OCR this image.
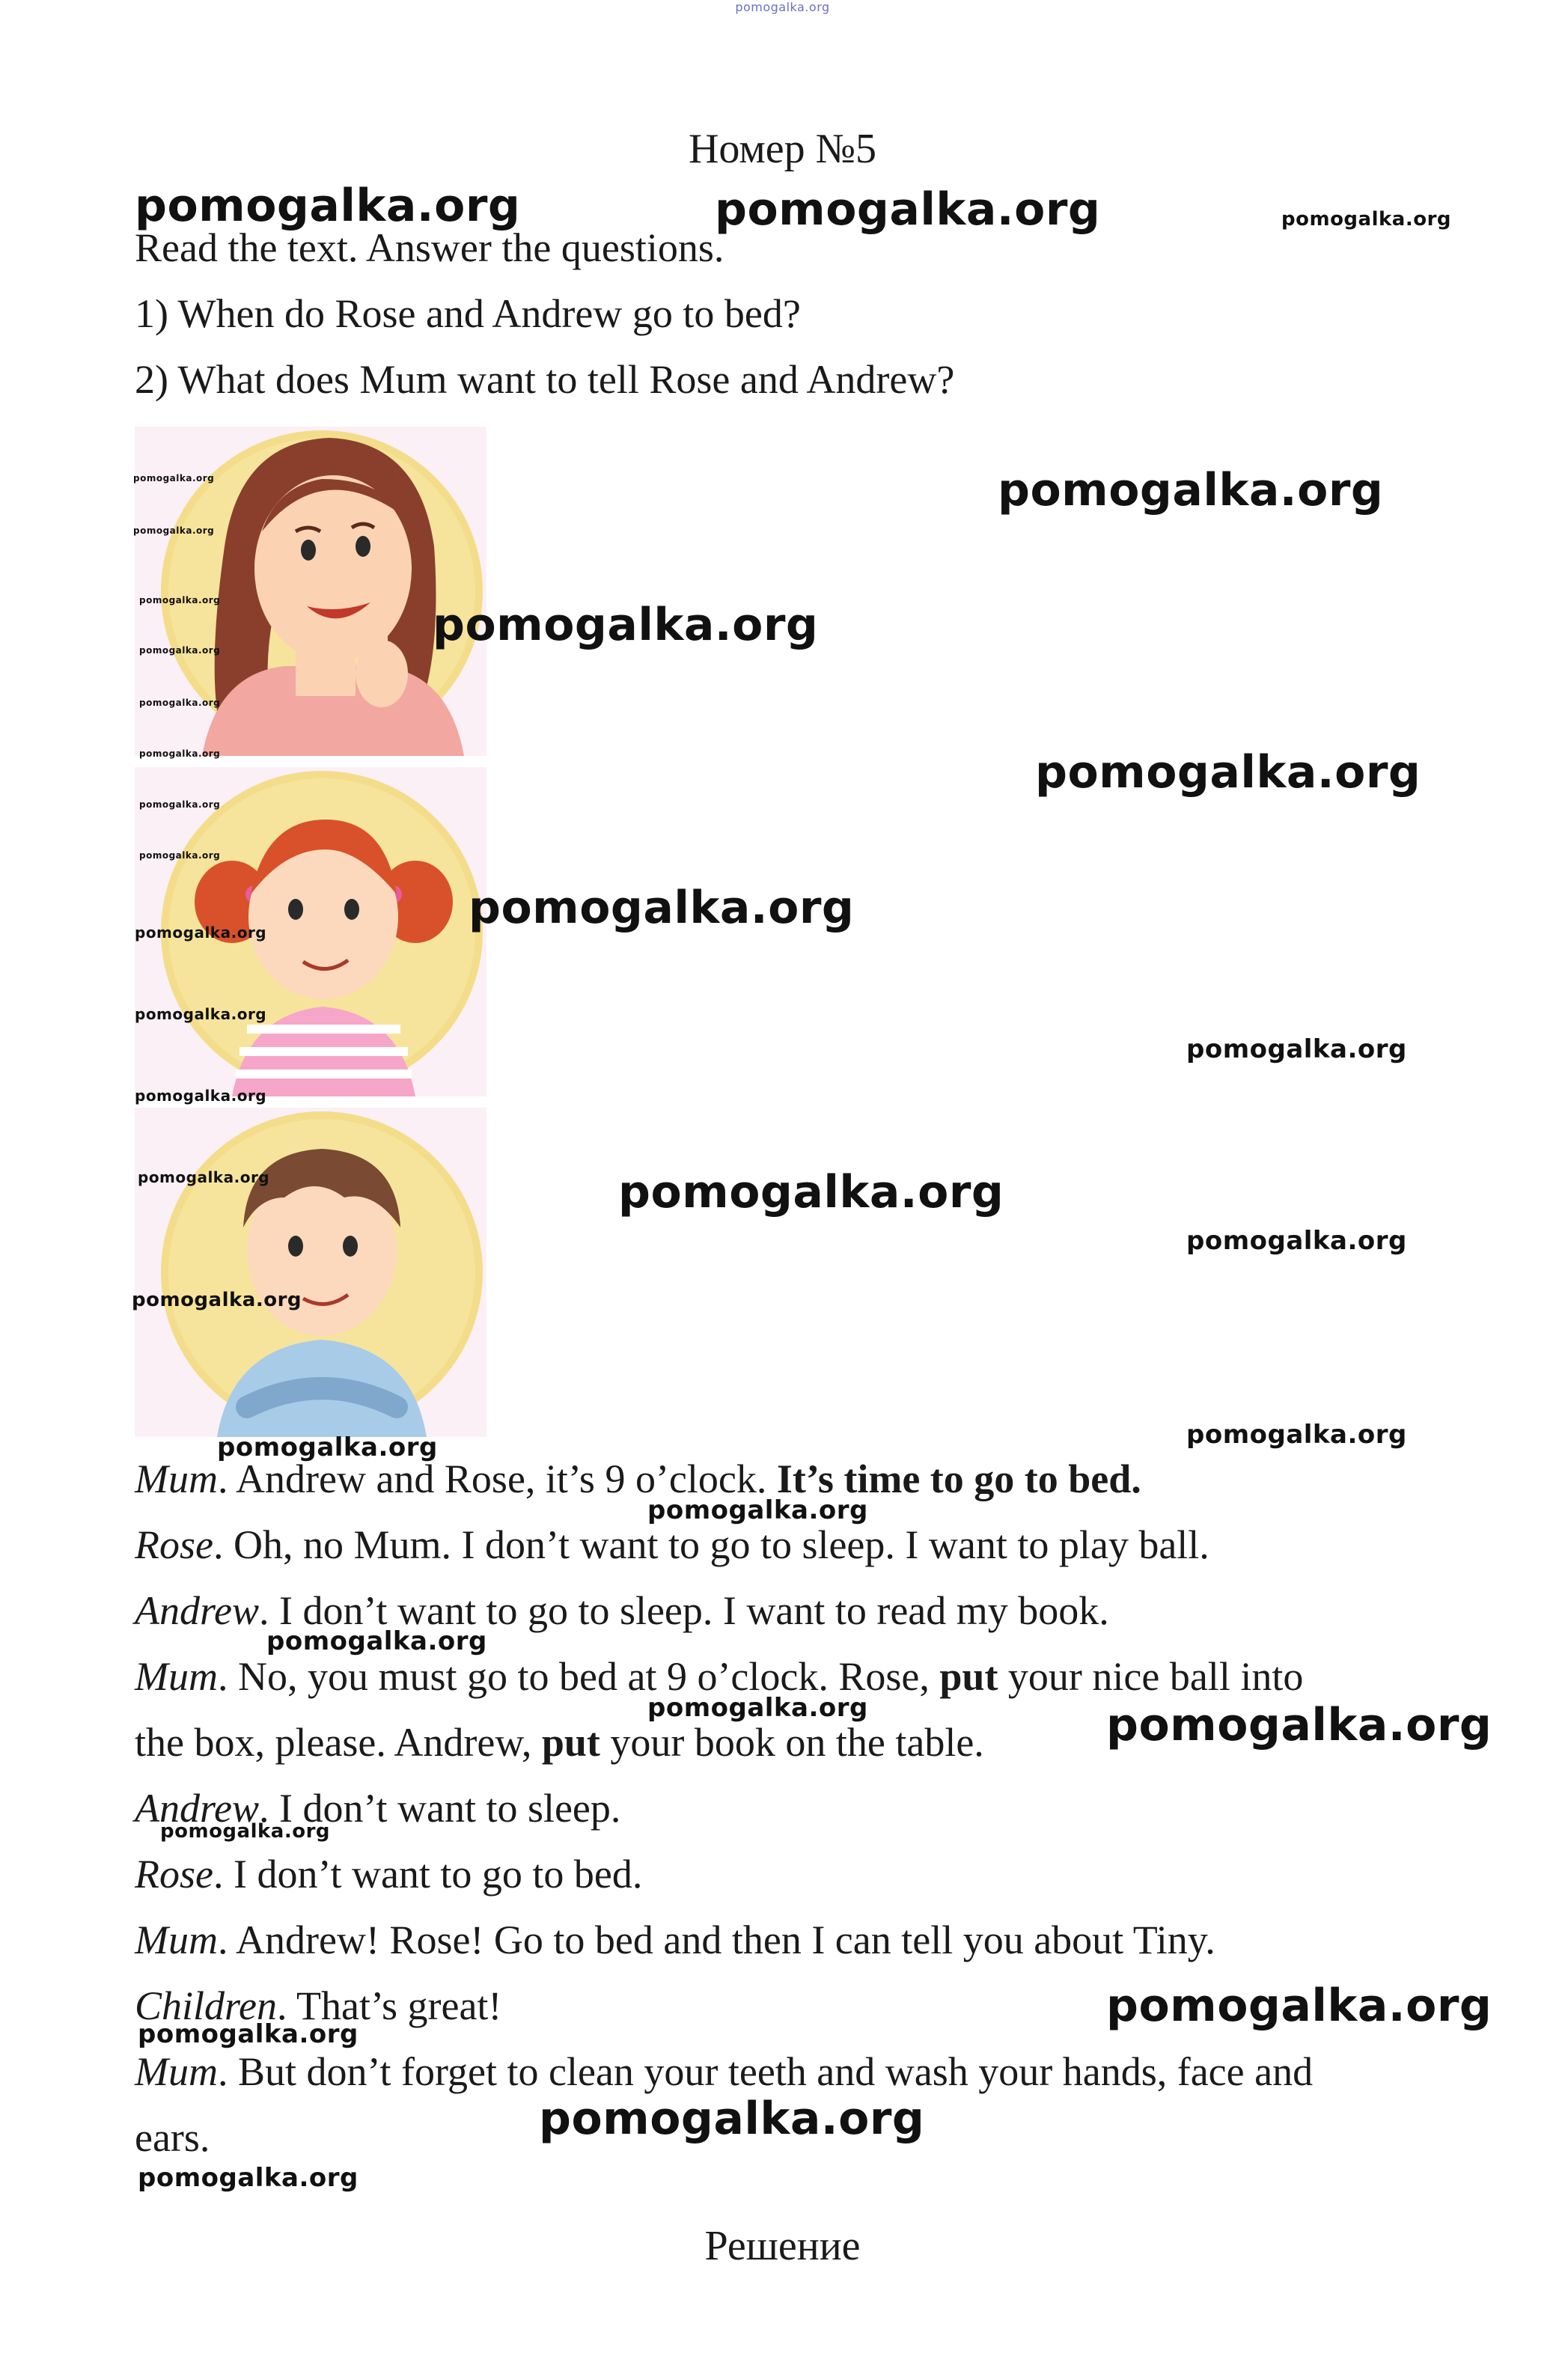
pomogalka.org
Номер №5
Read the text. Answer the questions.
1) When do Rose and Andrew go to bed?
2) What does Mum want to tell Rose and Andrew?
Mum. Andrew and Rose, it’s 9 o’clock. It’s time to go to bed.
Rose. Oh, no Mum. I don’t want to go to sleep. I want to play ball.
Andrew. I don’t want to go to sleep. I want to read my book.
Mum. No, you must go to bed at 9 o’clock. Rose, put your nice ball into
the box, please. Andrew, put your book on the table.
Andrew. I don’t want to sleep.
Rose. I don’t want to go to bed.
Mum. Andrew! Rose! Go to bed and then I can tell you about Tiny.
Children. That’s great!
Mum. But don’t forget to clean your teeth and wash your hands, face and
ears.
Решение
pomogalka.org	pomogalka.org	pomogalka.org
pomogalka.org
pomogalka.org
pomogalka.org
pomogalka.org
pomogalka.org
pomogalka.org
pomogalka.org
pomogalka.org
pomogalka.org
pomogalka.org
pomogalka.org
pomogalka.org
pomogalka.org
pomogalka.org
pomogalka.org
pomogalka.org
pomogalka.org
pomogalka.org
pomogalka.org
pomogalka.org
pomogalka.org
pomogalka.org
pomogalka.org
pomogalka.org
pomogalka.org	pomogalka.org
pomogalka.org
pomogalka.org
pomogalka.org
pomogalka.org
pomogalka.org
